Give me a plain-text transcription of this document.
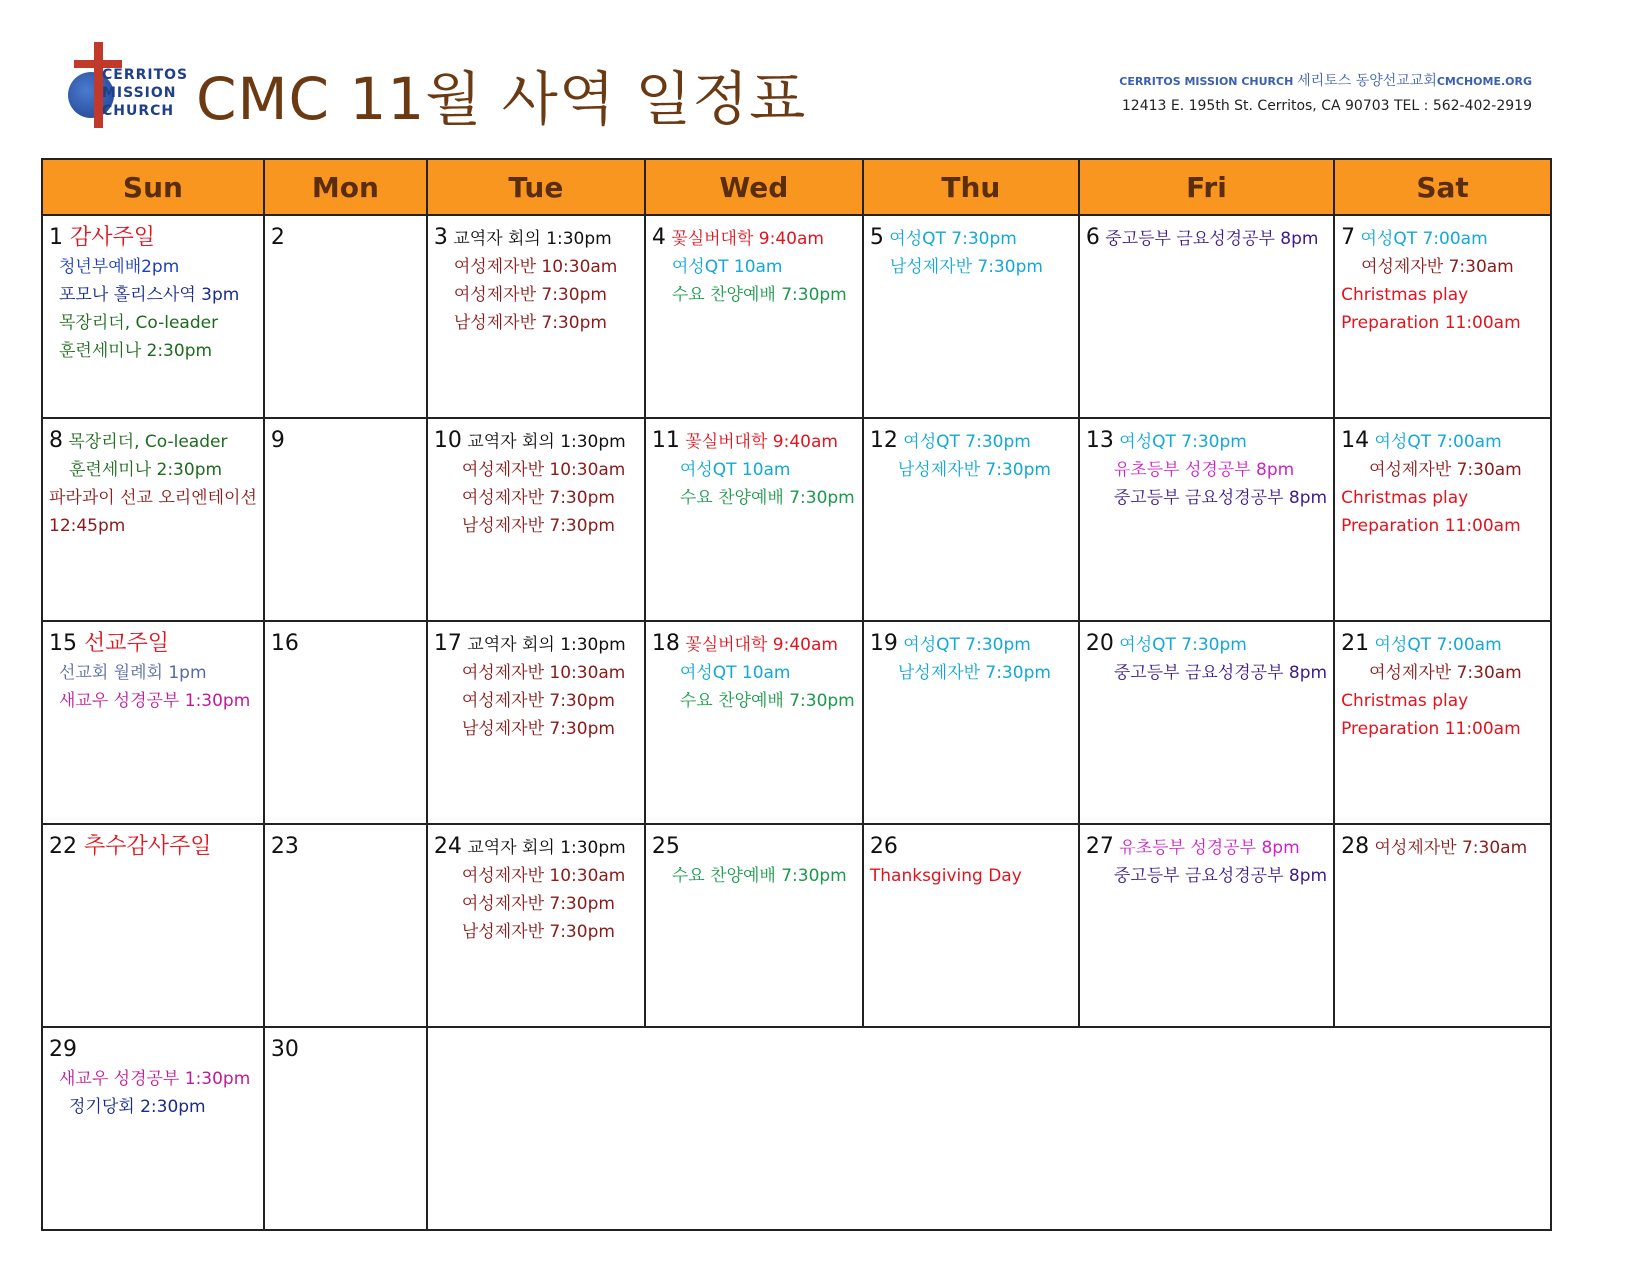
CERRITOS
MISSION
CHURCH CMC 11월 사역 일정표	CERRITOS MISSION CHURCH 세리토스 동양선교교회CMCHOME.ORG
12413 E. 195th St. Cerritos, CA 90703 TEL : 562-402-2919
Sun	Mon	Tue	Wed	Thu	Fri	Sat

1 감사주일
청년부예배2pm
포모나 홀리스사역 3pm
목장리더, Co-leader
훈련세미나 2:30pm	2	3 교역자 회의 1:30pm
여성제자반 10:30am
여성제자반 7:30pm
남성제자반 7:30pm	4 꽃실버대학 9:40am
여성QT 10am
수요 찬양예배 7:30pm	5 여성QT 7:30pm
남성제자반 7:30pm	6 중고등부 금요성경공부 8pm	7 여성QT 7:00am
여성제자반 7:30am
Christmas play
Preparation 11:00am

8 목장리더, Co-leader
훈련세미나 2:30pm
파라과이 선교 오리엔테이션
12:45pm	9	10 교역자 회의 1:30pm
여성제자반 10:30am
여성제자반 7:30pm
남성제자반 7:30pm	11 꽃실버대학 9:40am
여성QT 10am
수요 찬양예배 7:30pm	12 여성QT 7:30pm
남성제자반 7:30pm	13 여성QT 7:30pm
유초등부 성경공부 8pm
중고등부 금요성경공부 8pm	14 여성QT 7:00am
여성제자반 7:30am
Christmas play
Preparation 11:00am

15 선교주일
선교회 월례회 1pm
새교우 성경공부 1:30pm	16	17 교역자 회의 1:30pm
여성제자반 10:30am
여성제자반 7:30pm
남성제자반 7:30pm	18 꽃실버대학 9:40am
여성QT 10am
수요 찬양예배 7:30pm	19 여성QT 7:30pm
남성제자반 7:30pm	20 여성QT 7:30pm
중고등부 금요성경공부 8pm	21 여성QT 7:00am
여성제자반 7:30am
Christmas play
Preparation 11:00am

22 추수감사주일	23	24 교역자 회의 1:30pm
여성제자반 10:30am
여성제자반 7:30pm
남성제자반 7:30pm	25
수요 찬양예배 7:30pm	26
Thanksgiving Day	27 유초등부 성경공부 8pm
중고등부 금요성경공부 8pm	28 여성제자반 7:30am

29
새교우 성경공부 1:30pm
정기당회 2:30pm	30					
